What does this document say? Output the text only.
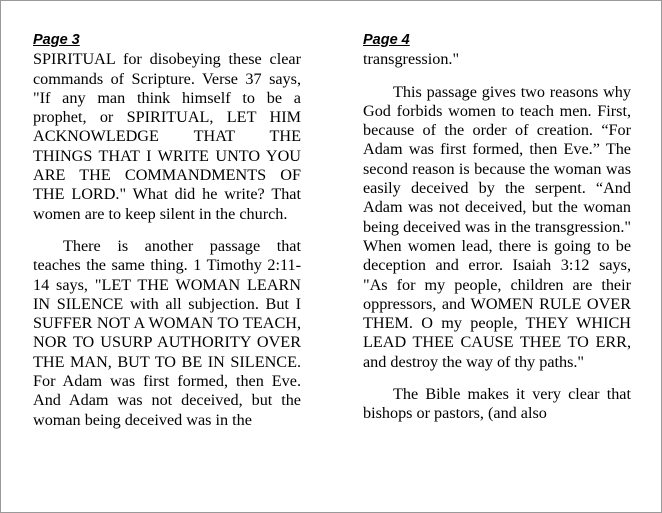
Page 3

SPIRITUAL for disobeying these clear commands of Scripture. Verse 37 says, "If any man think himself to be a prophet, or SPIRITUAL, LET HIM ACKNOWLEDGE THAT THE THINGS THAT I WRITE UNTO YOU ARE THE COMMANDMENTS OF THE LORD." What did he write? That women are to keep silent in the church.

There is another passage that teaches the same thing. 1 Timothy 2:11-14 says, "LET THE WOMAN LEARN IN SILENCE with all subjection. But I SUFFER NOT A WOMAN TO TEACH, NOR TO USURP AUTHORITY OVER THE MAN, BUT TO BE IN SILENCE. For Adam was first formed, then Eve. And Adam was not deceived, but the woman being deceived was in the

Page 4

transgression."

This passage gives two reasons why God forbids women to teach men. First, because of the order of creation. “For Adam was first formed, then Eve.” The second reason is because the woman was easily deceived by the serpent. “And Adam was not deceived, but the woman being deceived was in the transgression." When women lead, there is going to be deception and error. Isaiah 3:12 says, "As for my people, children are their oppressors, and WOMEN RULE OVER THEM. O my people, THEY WHICH LEAD THEE CAUSE THEE TO ERR, and destroy the way of thy paths."

The Bible makes it very clear that bishops or pastors, (and also
